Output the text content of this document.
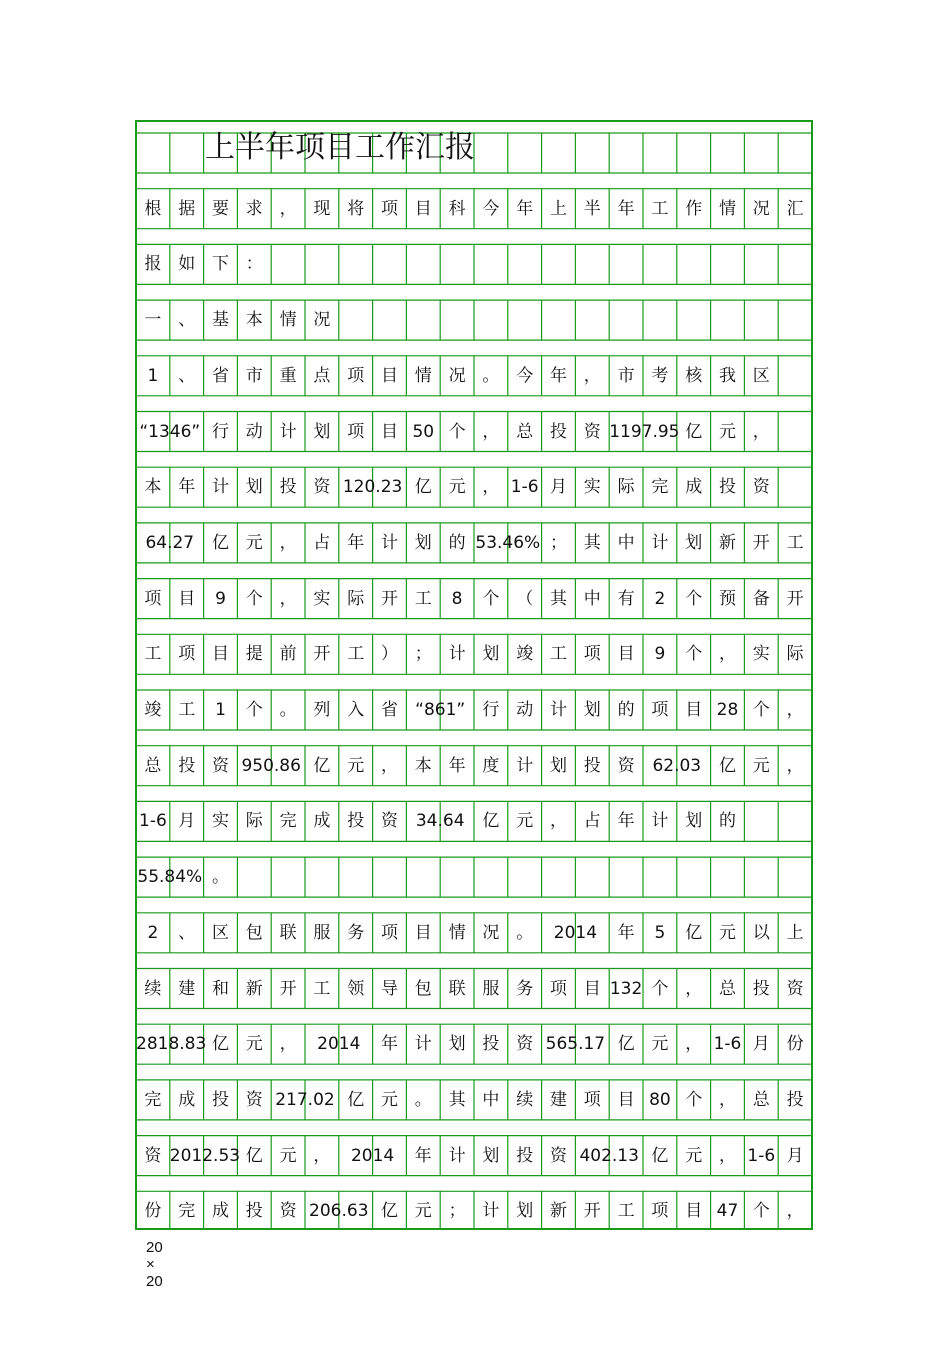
上半年项目工作汇报
根 据 要 求 ， 现 将 项 目 科 今 年 上 半 年 工 作 情 况 汇
报 如 下 ：
一 、 基 本 情 况
1	、 省 市 重 点 项 目 情 况 。 今 年 ， 市 考 核 我 区
“1346” 行 动 计 划 项 目 50 个 ， 总 投 资 1197.95 亿 元 ，
本 年 计 划 投 资 120.23 亿 元 ， 1-6 月 实 际 完 成 投 资
64.27	亿 元 ， 占 年 计 划 的 53.46% ； 其 中 计 划 新 开 工
项 目	9	个 ， 实 际 开 工	8	个 （ 其 中 有	2	个 预 备 开
工 项 目 提 前 开 工 ） ； 计 划 竣 工 项 目	9	个 ， 实 际
竣 工	1	个 。 列 入 省	“861”	行 动 计 划 的 项 目 28 个 ，
总 投 资 950.86 亿 元 ， 本 年 度 计 划 投 资	62.03	亿 元 ，
1-6 月 实 际 完 成 投 资	34.64	亿 元 ， 占 年 计 划 的
55.84% 。
2	、 区 包 联 服 务 项 目 情 况 。	2014	年	5	亿 元 以 上
续 建 和 新 开 工 领 导 包 联 服 务 项 目 132 个 ， 总 投 资
2818.83 亿 元 ，	2014	年 计 划 投 资 565.17 亿 元 ， 1-6 月 份
完 成 投 资 217.02 亿 元 。 其 中 续 建 项 目 80 个 ， 总 投
资 2012.53 亿 元 ，	2014	年 计 划 投 资 402.13 亿 元 ， 1-6 月
份 完 成 投 资 206.63 亿 元 ； 计 划 新 开 工 项 目 47 个 ，
20 × 20
